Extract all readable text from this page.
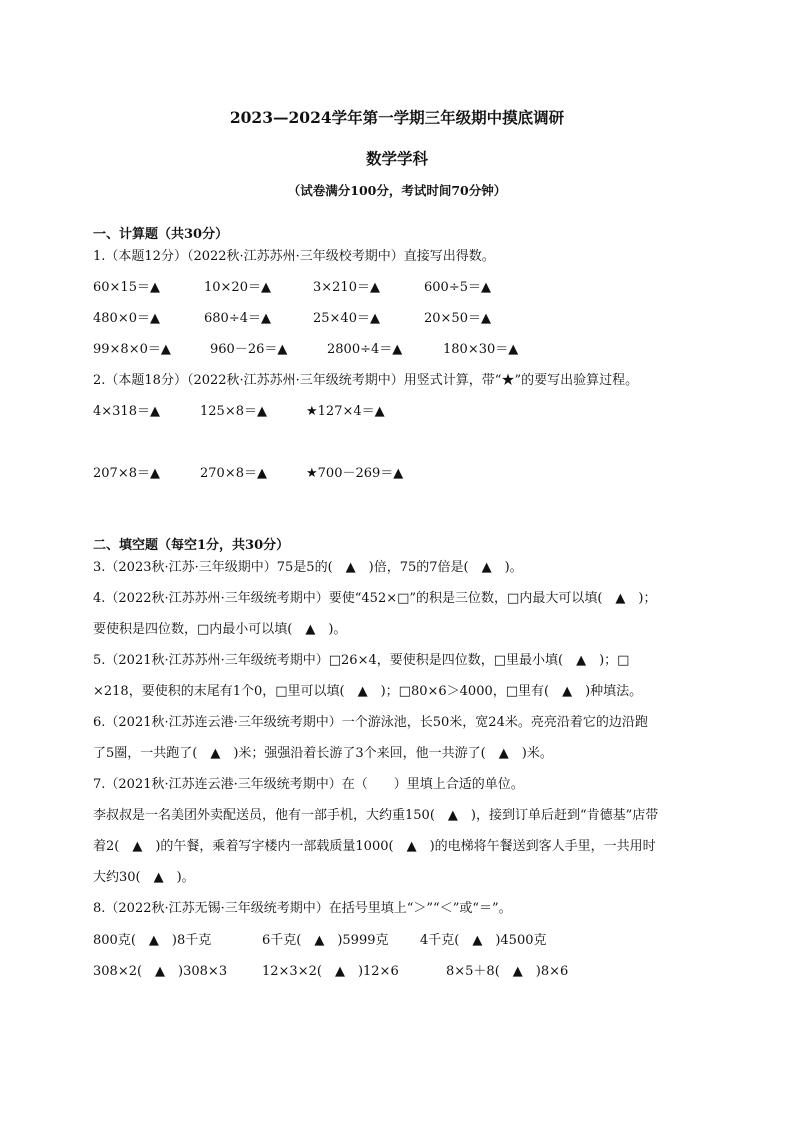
2023—2024学年第一学期三年级期中摸底调研
数学学科
（试卷满分100分，考试时间70分钟）
一、计算题（共30分）
1.（本题12分）（2022秋·江苏苏州·三年级校考期中）直接写出得数。
60×15＝▲	10×20＝▲	3×210＝▲	600÷5＝▲
480×0＝▲	680÷4＝▲	25×40＝▲	20×50＝▲
99×8×0＝▲	960－26＝▲	2800÷4＝▲	180×30＝▲
2.（本题18分）（2022秋·江苏苏州·三年级统考期中）用竖式计算，带“★”的要写出验算过程。
4×318＝▲	125×8＝▲	★127×4＝▲
207×8＝▲	270×8＝▲	★700－269＝▲
二、填空题（每空1分，共30分）
3.（2023秋·江苏·三年级期中）75是5的(　▲　)倍，75的7倍是(　▲　)。
4.（2022秋·江苏苏州·三年级统考期中）要使“452×□”的积是三位数，□内最大可以填(　▲　)；
要使积是四位数，□内最小可以填(　▲　)。
5.（2021秋·江苏苏州·三年级统考期中）□26×4，要使积是四位数，□里最小填(　▲　)；□
×218，要使积的末尾有1个0，□里可以填(　▲　)；□80×6＞4000，□里有(　▲　)种填法。
6.（2021秋·江苏连云港·三年级统考期中）一个游泳池，长50米，宽24米。亮亮沿着它的边沿跑
了5圈，一共跑了(　▲　)米；强强沿着长游了3个来回，他一共游了(　▲　)米。
7.（2021秋·江苏连云港·三年级统考期中）在（　　）里填上合适的单位。
李叔叔是一名美团外卖配送员，他有一部手机，大约重150(　▲　)，接到订单后赶到“肯德基”店带
着2(　▲　)的午餐，乘着写字楼内一部载质量1000(　▲　)的电梯将午餐送到客人手里，一共用时
大约30(　▲　)。
8.（2022秋·江苏无锡·三年级统考期中）在括号里填上“＞”“＜”或“＝”。
800克(　▲　)8千克	6千克(　▲　)5999克 4千克(　▲　)4500克
308×2(　▲　)308×3	12×3×2(　▲　)12×6	8×5＋8(　▲　)8×6
